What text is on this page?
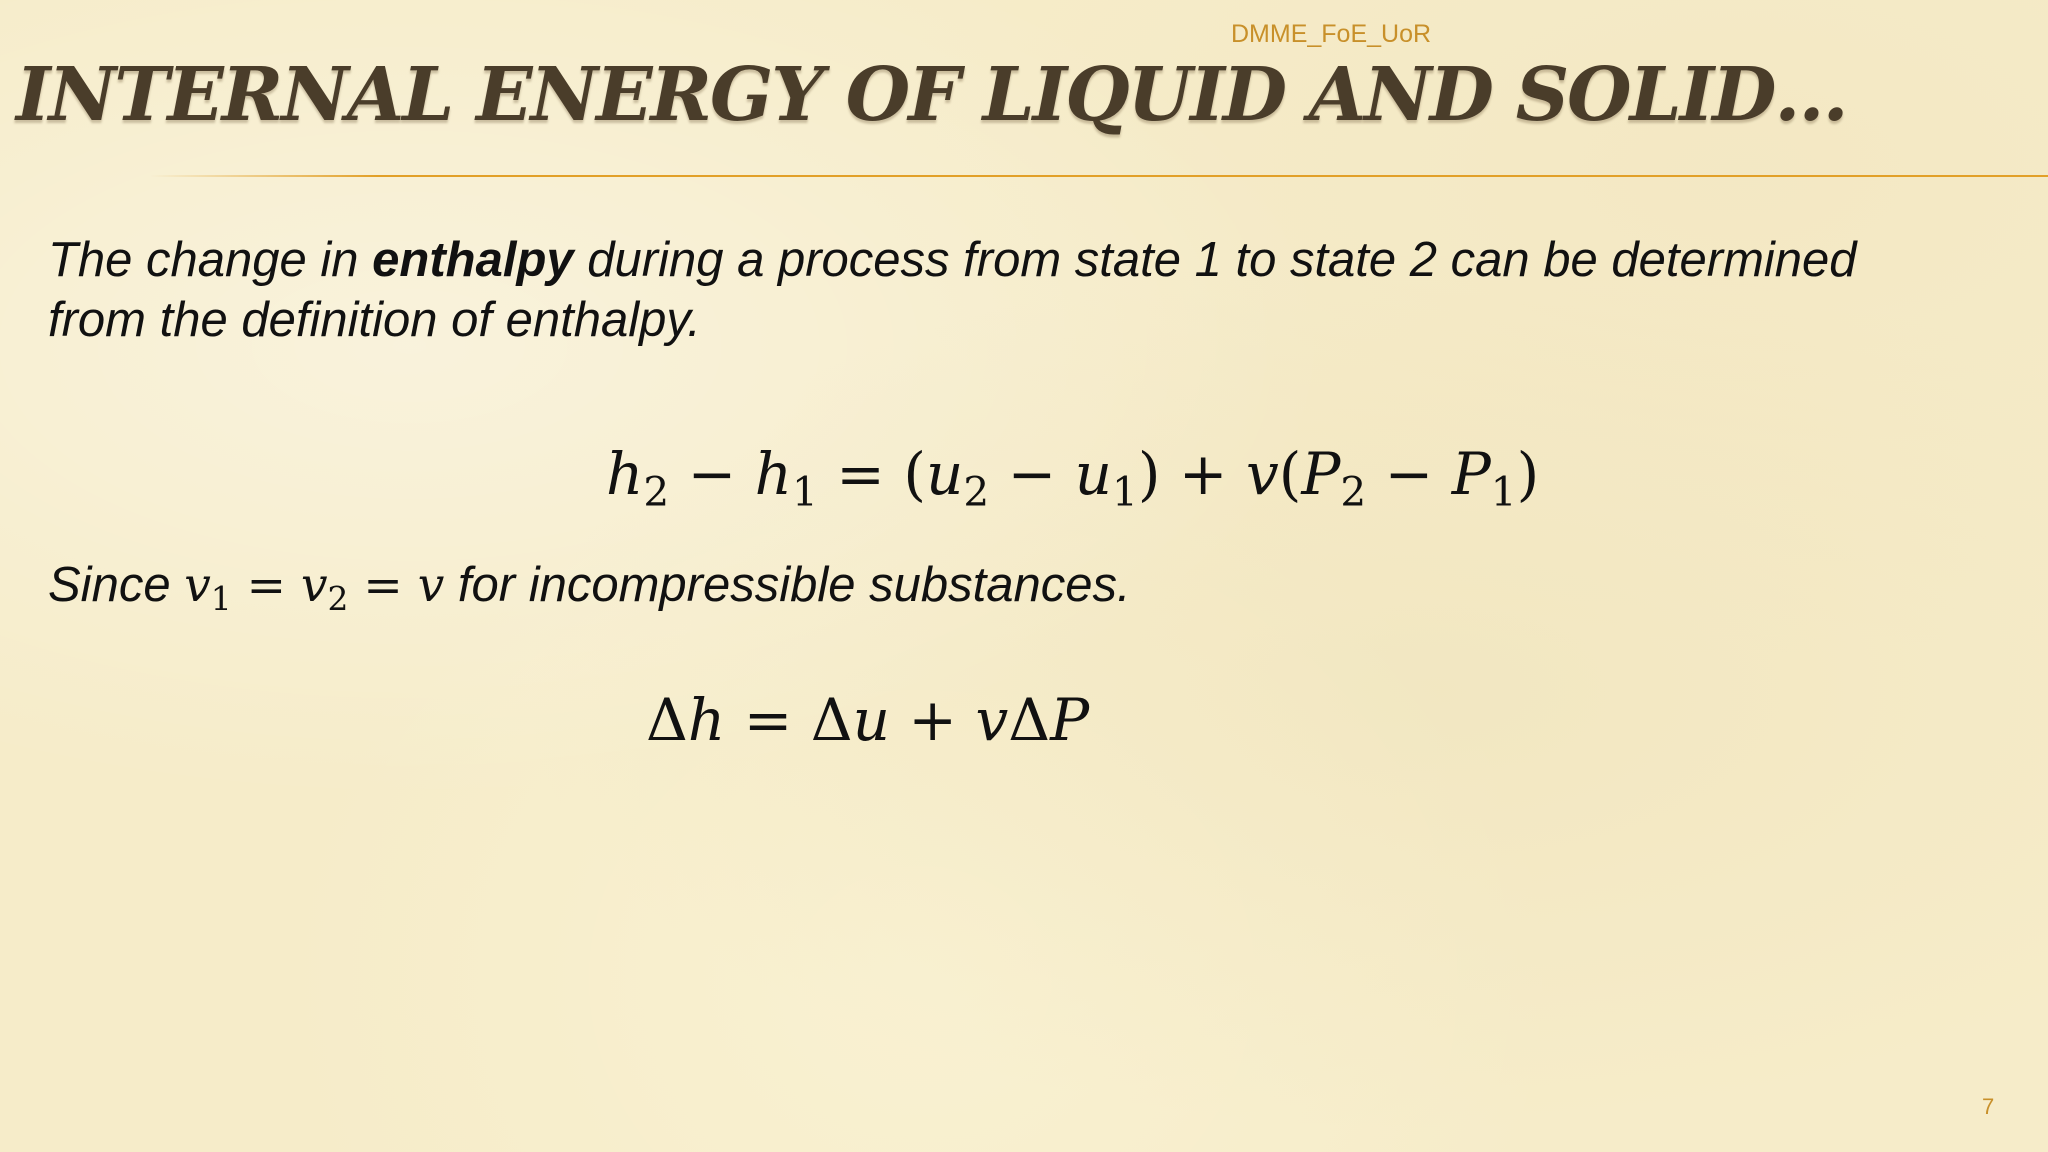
DMME_FoE_UoR
INTERNAL ENERGY OF LIQUID AND SOLID…
The change in enthalpy during a process from state 1 to state 2 can be determined
from the definition of enthalpy.
$h_2 - h_1 = (u_2 - u_1) + v(P_2 - P_1)$
Since $v_1 = v_2 = v$ for incompressible substances.
Δh = Δu + vΔP
7
